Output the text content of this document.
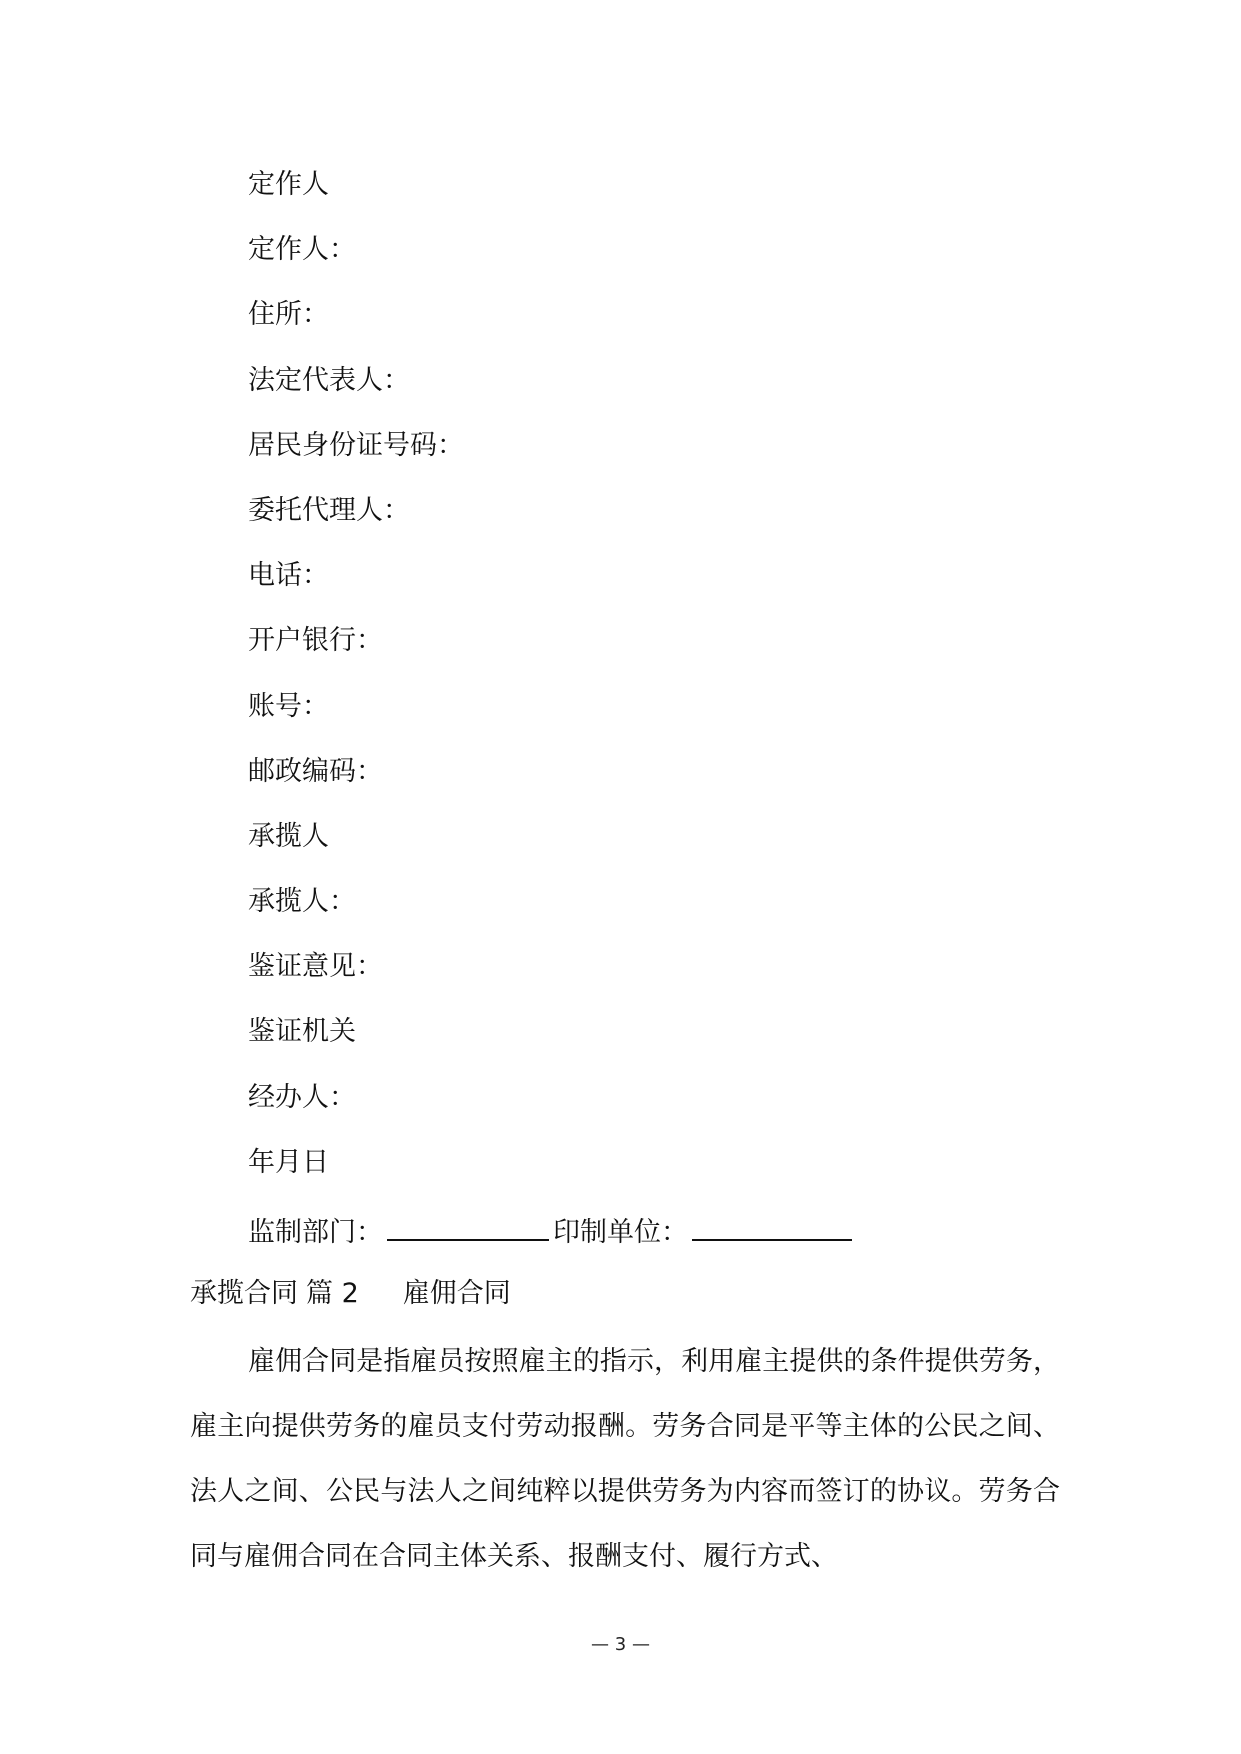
定作人
定作人：
住所：
法定代表人：
居民身份证号码：
委托代理人：
电话：
开户银行：
账号：
邮政编码：
承揽人
承揽人：
鉴证意见：
鉴证机关
经办人：
年月日
监制部门：	印制单位：
承揽合同 篇 2 雇佣合同

雇佣合同是指雇员按照雇主的指示，利用雇主提供的条件提供劳务，雇主向提供劳务的雇员支付劳动报酬。劳务合同是平等主体的公民之间、法人之间、公民与法人之间纯粹以提供劳务为内容而签订的协议。劳务合同与雇佣合同在合同主体关系、报酬支付、履行方式、

— 3 —
